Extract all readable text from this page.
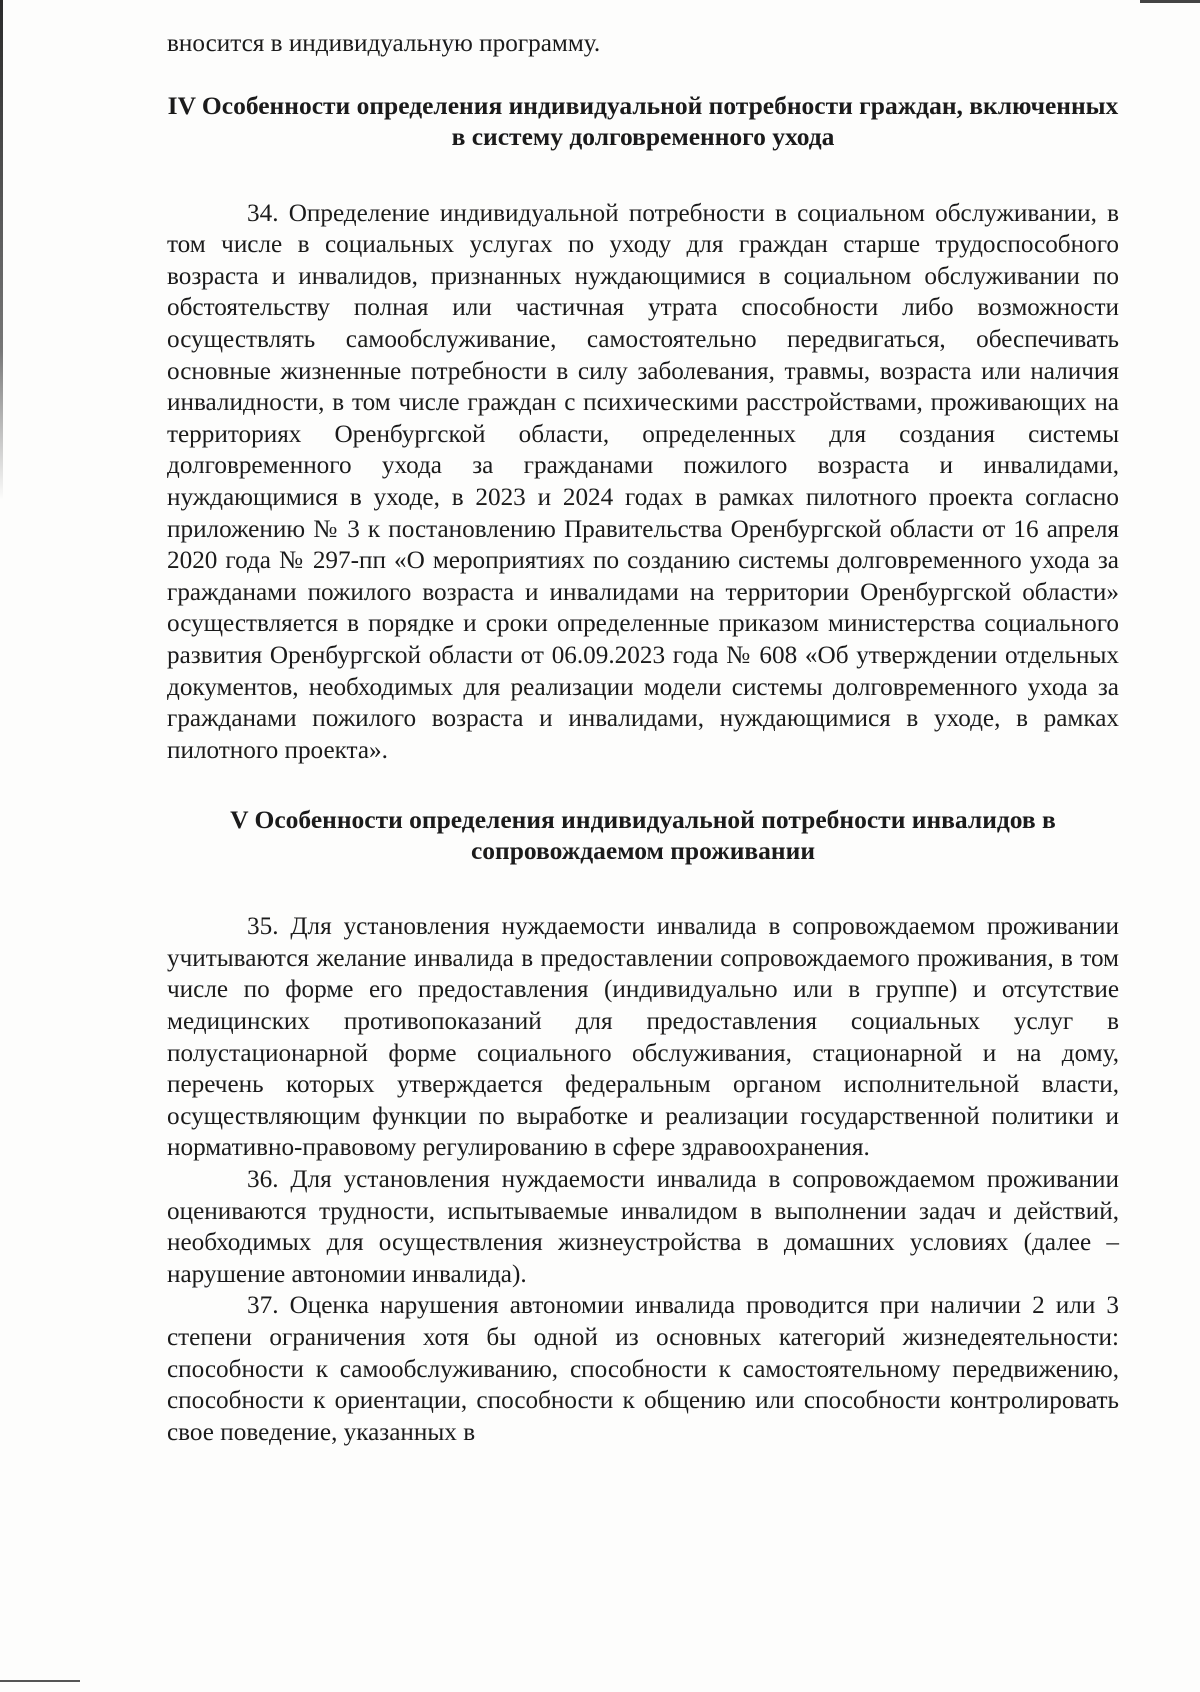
вносится в индивидуальную программу.

IV Особенности определения индивидуальной потребности граждан, включенных в систему долговременного ухода

34. Определение индивидуальной потребности в социальном обслуживании, в том числе в социальных услугах по уходу для граждан старше трудоспособного возраста и инвалидов, признанных нуждающимися в социальном обслуживании по обстоятельству полная или частичная утрата способности либо возможности осуществлять самообслуживание, самостоятельно передвигаться, обеспечивать основные жизненные потребности в силу заболевания, травмы, возраста или наличия инвалидности, в том числе граждан с психическими расстройствами, проживающих на территориях Оренбургской области, определенных для создания системы долговременного ухода за гражданами пожилого возраста и инвалидами, нуждающимися в уходе, в 2023 и 2024 годах в рамках пилотного проекта согласно приложению № 3 к постановлению Правительства Оренбургской области от 16 апреля 2020 года № 297-пп «О мероприятиях по созданию системы долговременного ухода за гражданами пожилого возраста и инвалидами на территории Оренбургской области» осуществляется в порядке и сроки определенные приказом министерства социального развития Оренбургской области от 06.09.2023 года № 608 «Об утверждении отдельных документов, необходимых для реализации модели системы долговременного ухода за гражданами пожилого возраста и инвалидами, нуждающимися в уходе, в рамках пилотного проекта».

V Особенности определения индивидуальной потребности инвалидов в сопровождаемом проживании

35. Для установления нуждаемости инвалида в сопровождаемом проживании учитываются желание инвалида в предоставлении сопровождаемого проживания, в том числе по форме его предоставления (индивидуально или в группе) и отсутствие медицинских противопоказаний для предоставления социальных услуг в полустационарной форме социального обслуживания, стационарной и на дому, перечень которых утверждается федеральным органом исполнительной власти, осуществляющим функции по выработке и реализации государственной политики и нормативно-правовому регулированию в сфере здравоохранения.

36. Для установления нуждаемости инвалида в сопровождаемом проживании оцениваются трудности, испытываемые инвалидом в выполнении задач и действий, необходимых для осуществления жизнеустройства в домашних условиях (далее – нарушение автономии инвалида).

37. Оценка нарушения автономии инвалида проводится при наличии 2 или 3 степени ограничения хотя бы одной из основных категорий жизнедеятельности: способности к самообслуживанию, способности к самостоятельному передвижению, способности к ориентации, способности к общению или способности контролировать свое поведение, указанных в
